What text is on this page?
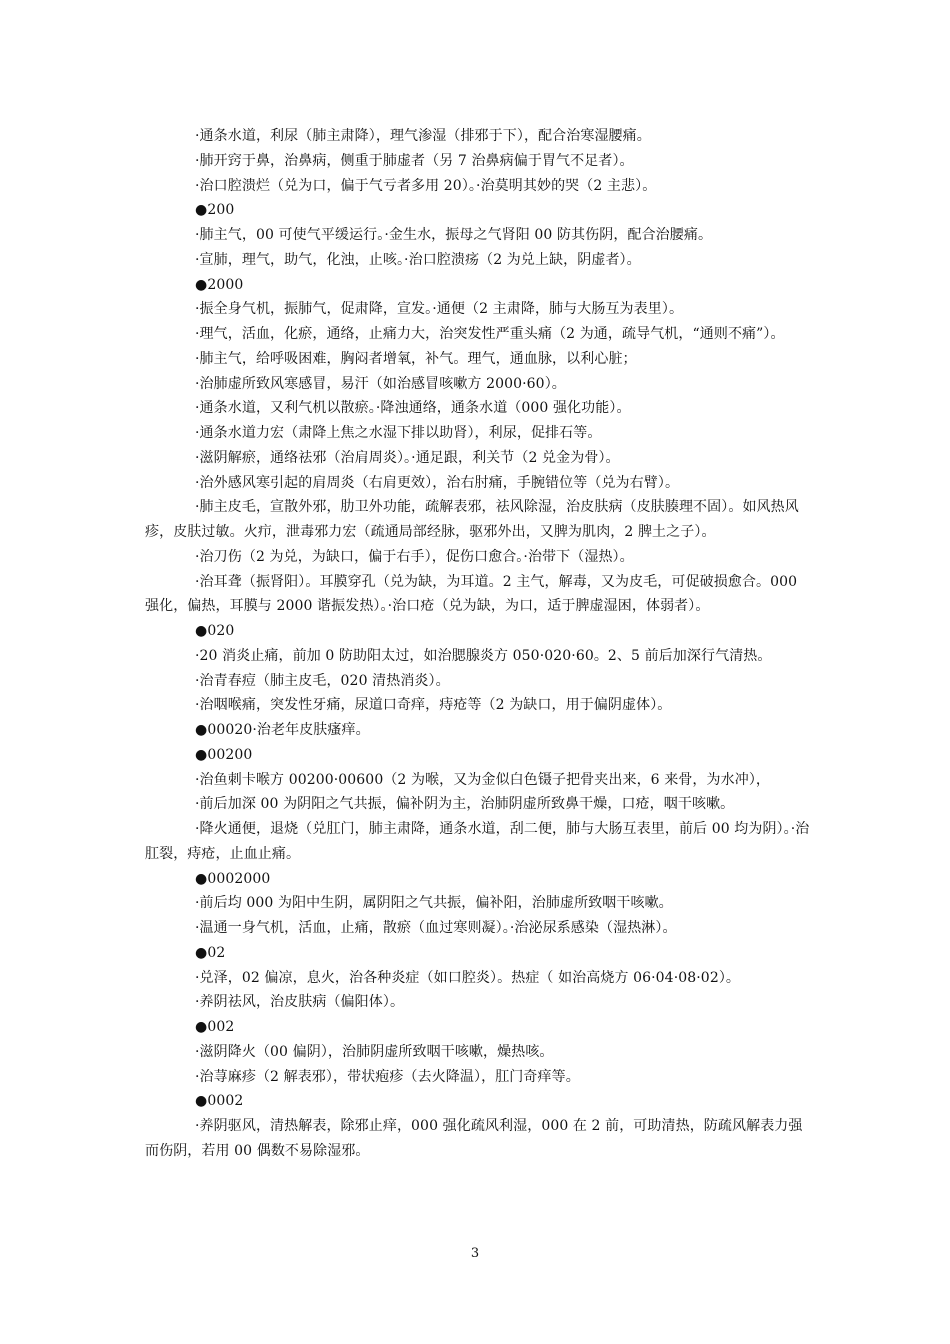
·通条水道，利尿（肺主肃降），理气渗湿（排邪于下），配合治寒湿腰痛。

·肺开窍于鼻，治鼻病，侧重于肺虚者（另 7 治鼻病偏于胃气不足者）。

·治口腔溃烂（兑为口，偏于气亏者多用 20）。·治莫明其妙的哭（2 主悲）。

●200

·肺主气，00 可使气平缓运行。·金生水，振母之气肾阳 00 防其伤阴，配合治腰痛。

·宣肺，理气，助气，化浊，止咳。·治口腔溃疡（2 为兑上缺，阴虚者）。

●2000

·振全身气机，振肺气，促肃降，宣发。·通便（2 主肃降，肺与大肠互为表里）。

·理气，活血，化瘀，通络，止痛力大，治突发性严重头痛（2 为通，疏导气机，“通则不痛”）。

·肺主气，给呼吸困难，胸闷者增氧，补气。理气，通血脉，以利心脏；

·治肺虚所致风寒感冒，易汗（如治感冒咳嗽方 2000·60）。

·通条水道，又利气机以散瘀。·降浊通络，通条水道（000 强化功能）。

·通条水道力宏（肃降上焦之水湿下排以助肾），利尿，促排石等。

·滋阴解瘀，通络祛邪（治肩周炎）。·通足跟，利关节（2 兑金为骨）。

·治外感风寒引起的肩周炎（右肩更效），治右肘痛，手腕错位等（兑为右臂）。

·肺主皮毛，宣散外邪，肋卫外功能，疏解表邪，祛风除湿，治皮肤病（皮肤腠理不固）。如风热风疹，皮肤过敏。火疖，泄毒邪力宏（疏通局部经脉，驱邪外出，又脾为肌肉，2 脾土之子）。

·治刀伤（2 为兑，为缺口，偏于右手），促伤口愈合。·治带下（湿热）。

·治耳聋（振肾阳）。耳膜穿孔（兑为缺，为耳道。2 主气，解毒，又为皮毛，可促破损愈合。000 强化，偏热，耳膜与 2000 谐振发热）。·治口疮（兑为缺，为口，适于脾虚湿困，体弱者）。

●020

·20 消炎止痛，前加 0 防助阳太过，如治腮腺炎方 050·020·60。2、5 前后加深行气清热。

·治青春痘（肺主皮毛，020 清热消炎）。

·治咽喉痛，突发性牙痛，尿道口奇痒，痔疮等（2 为缺口，用于偏阴虚体）。

●00020·治老年皮肤瘙痒。

●00200

·治鱼刺卡喉方 00200·00600（2 为喉，又为金似白色镊子把骨夹出来，6 来骨，为水冲），

·前后加深 00 为阴阳之气共振，偏补阴为主，治肺阴虚所致鼻干燥，口疮，咽干咳嗽。

·降火通便，退烧（兑肛门，肺主肃降，通条水道，刮二便，肺与大肠互表里，前后 00 均为阴）。·治肛裂，痔疮，止血止痛。

●0002000

·前后均 000 为阳中生阴，属阴阳之气共振，偏补阳，治肺虚所致咽干咳嗽。

·温通一身气机，活血，止痛，散瘀（血过寒则凝）。·治泌尿系感染（湿热淋）。

●02

·兑泽，02 偏凉，息火，治各种炎症（如口腔炎）。热症（ 如治高烧方 06·04·08·02）。

·养阴祛风，治皮肤病（偏阳体）。

●002

·滋阴降火（00 偏阴），治肺阴虚所致咽干咳嗽，燥热咳。

·治荨麻疹（2 解表邪），带状疱疹（去火降温），肛门奇痒等。

●0002

·养阴驱风，清热解表，除邪止痒，000 强化疏风利湿，000 在 2 前，可助清热，防疏风解表力强而伤阴，若用 00 偶数不易除湿邪。

3
